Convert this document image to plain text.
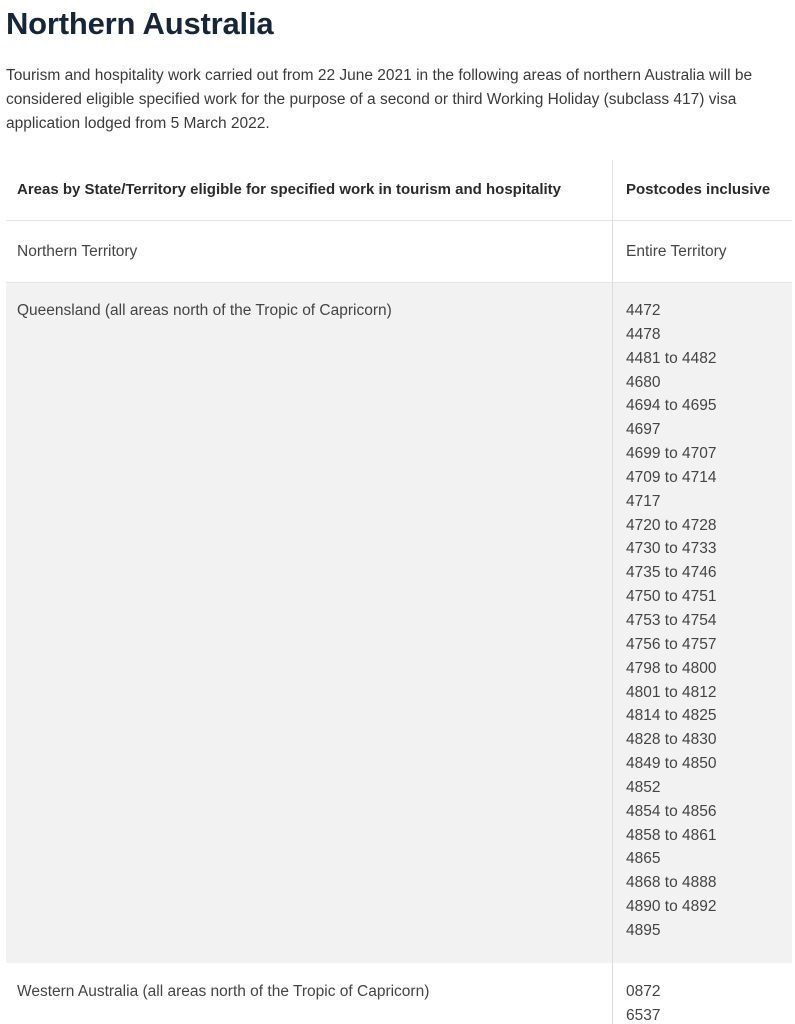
Northern Australia

Tourism and hospitality work carried out from 22 June 2021 in the following areas of northern Australia will be considered eligible specified work for the purpose of a second or third Working Holiday (subclass 417) visa application lodged from 5 March 2022.

Areas by State/Territory eligible for specified work in tourism and hospitality	Postcodes inclusive
Northern Territory	Entire Territory
Queensland (all areas north of the Tropic of Capricorn)	4472
4478
4481 to 4482
4680
4694 to 4695
4697
4699 to 4707
4709 to 4714
4717
4720 to 4728
4730 to 4733
4735 to 4746
4750 to 4751
4753 to 4754
4756 to 4757
4798 to 4800
4801 to 4812
4814 to 4825
4828 to 4830
4849 to 4850
4852
4854 to 4856
4858 to 4861
4865
4868 to 4888
4890 to 4892
4895
Western Australia (all areas north of the Tropic of Capricorn)	0872
6537
